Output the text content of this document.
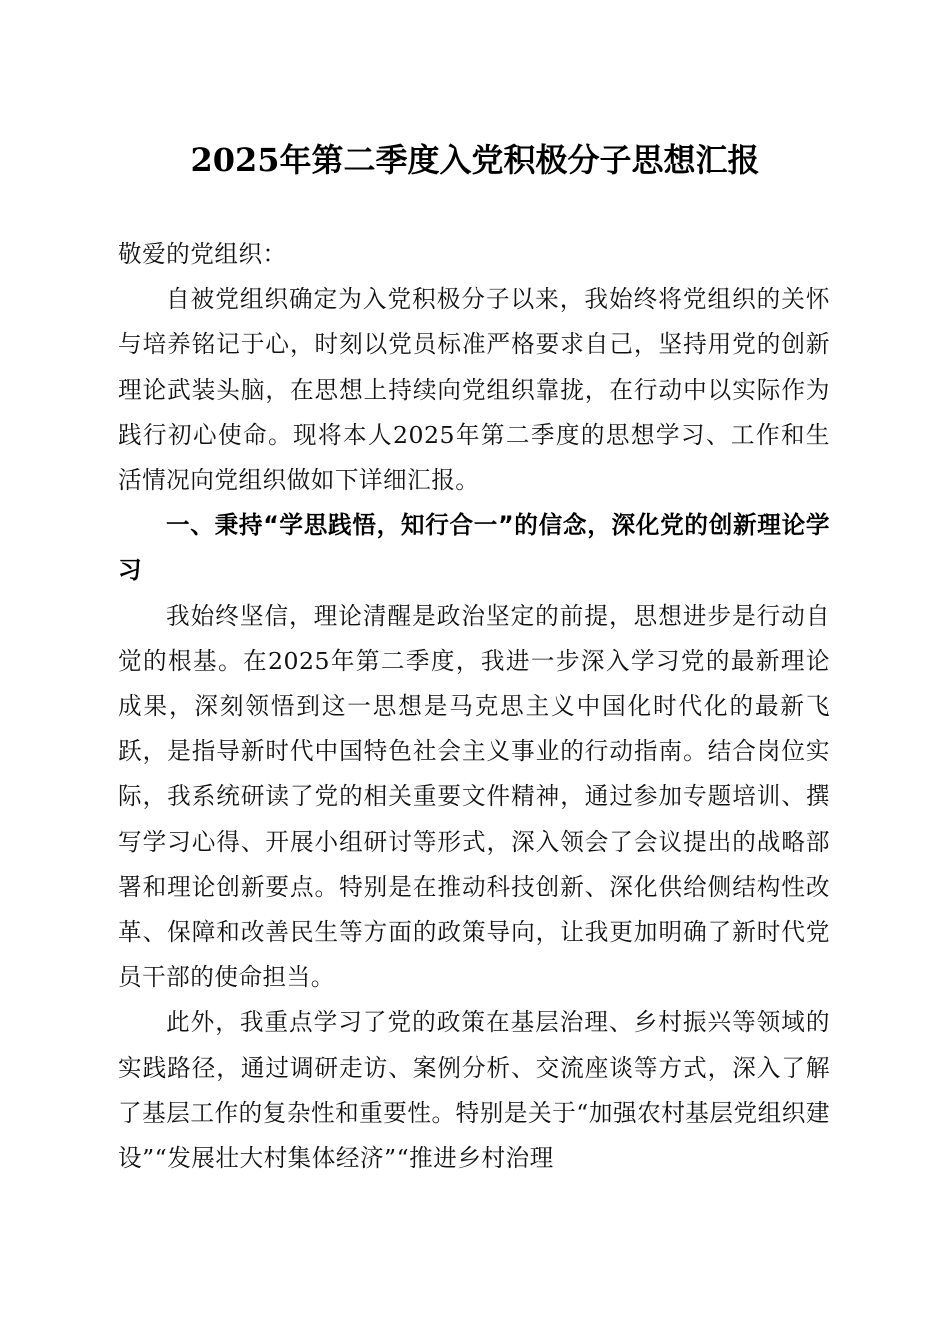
2025年第二季度入党积极分子思想汇报

敬爱的党组织：

自被党组织确定为入党积极分子以来，我始终将党组织的关怀与培养铭记于心，时刻以党员标准严格要求自己，坚持用党的创新理论武装头脑，在思想上持续向党组织靠拢，在行动中以实际作为践行初心使命。现将本人2025年第二季度的思想学习、工作和生活情况向党组织做如下详细汇报。

一、秉持“学思践悟，知行合一”的信念，深化党的创新理论学习

我始终坚信，理论清醒是政治坚定的前提，思想进步是行动自觉的根基。在2025年第二季度，我进一步深入学习党的最新理论成果，深刻领悟到这一思想是马克思主义中国化时代化的最新飞跃，是指导新时代中国特色社会主义事业的行动指南。结合岗位实际，我系统研读了党的相关重要文件精神，通过参加专题培训、撰写学习心得、开展小组研讨等形式，深入领会了会议提出的战略部署和理论创新要点。特别是在推动科技创新、深化供给侧结构性改革、保障和改善民生等方面的政策导向，让我更加明确了新时代党员干部的使命担当。

此外，我重点学习了党的政策在基层治理、乡村振兴等领域的实践路径，通过调研走访、案例分析、交流座谈等方式，深入了解了基层工作的复杂性和重要性。特别是关于“加强农村基层党组织建设”“发展壮大村集体经济”“推进乡村治理
